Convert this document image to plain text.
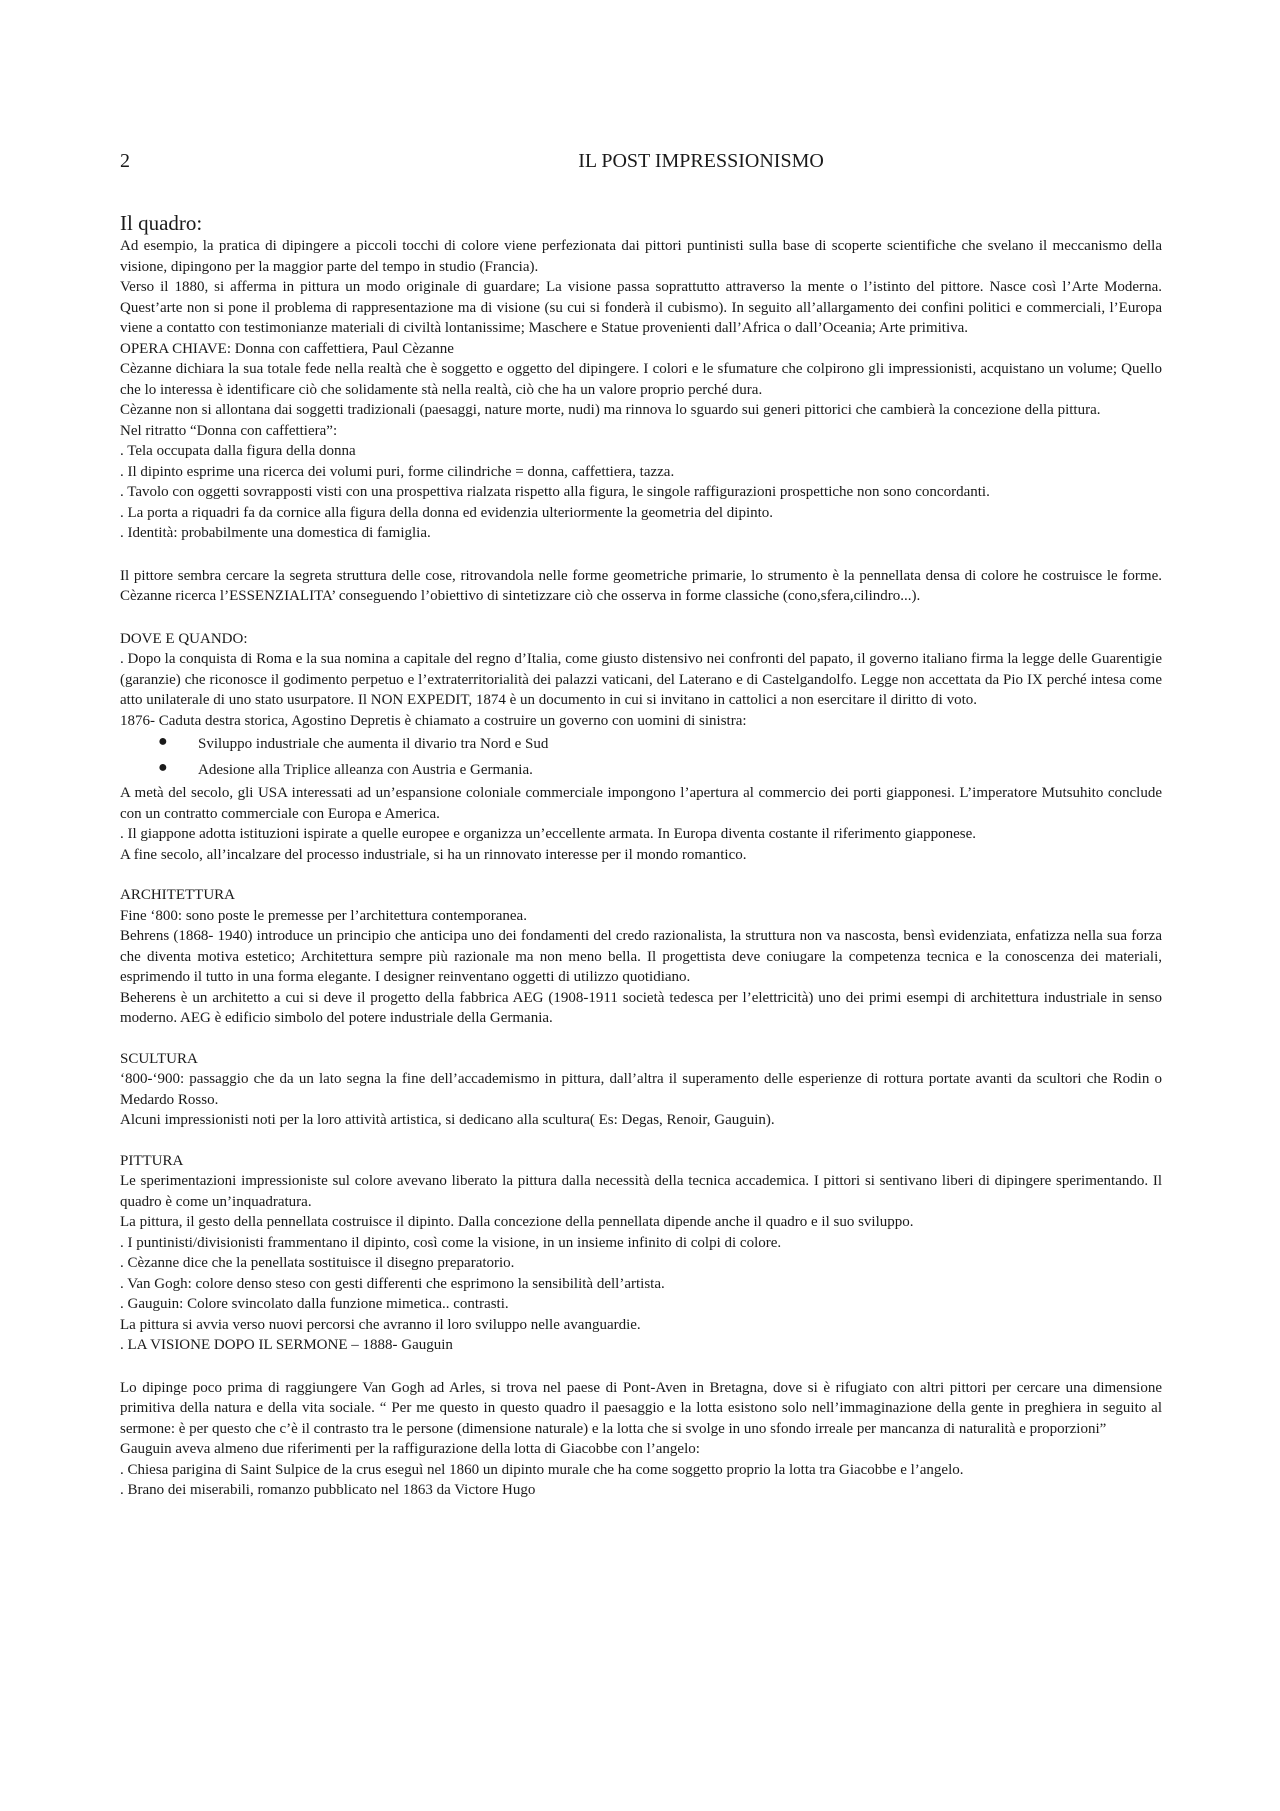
2	IL POST IMPRESSIONISMO
Il quadro:

Ad esempio, la pratica di dipingere a piccoli tocchi di colore viene perfezionata dai pittori puntinisti sulla base di scoperte scientifiche che svelano il meccanismo della visione, dipingono per la maggior parte del tempo in studio (Francia).

Verso il 1880, si afferma in pittura un modo originale di guardare; La visione passa soprattutto attraverso la mente o l’istinto del pittore. Nasce così l’Arte Moderna. Quest’arte non si pone il problema di rappresentazione ma di visione (su cui si fonderà il cubismo). In seguito all’allargamento dei confini politici e commerciali, l’Europa viene a contatto con testimonianze materiali di civiltà lontanissime; Maschere e Statue provenienti dall’Africa o dall’Oceania; Arte primitiva.

OPERA CHIAVE: Donna con caffettiera, Paul Cèzanne

Cèzanne dichiara la sua totale fede nella realtà che è soggetto e oggetto del dipingere. I colori e le sfumature che colpirono gli impressionisti, acquistano un volume; Quello che lo interessa è identificare ciò che solidamente stà nella realtà, ciò che ha un valore proprio perché dura.

Cèzanne non si allontana dai soggetti tradizionali (paesaggi, nature morte, nudi) ma rinnova lo sguardo sui generi pittorici che cambierà la concezione della pittura.

Nel ritratto “Donna con caffettiera”:

. Tela occupata dalla figura della donna

. Il dipinto esprime una ricerca dei volumi puri, forme cilindriche = donna, caffettiera, tazza.

. Tavolo con oggetti sovrapposti visti con una prospettiva rialzata rispetto alla figura, le singole raffigurazioni prospettiche non sono concordanti.

. La porta a riquadri fa da cornice alla figura della donna ed evidenzia ulteriormente la geometria del dipinto.

. Identità: probabilmente una domestica di famiglia.

Il pittore sembra cercare la segreta struttura delle cose, ritrovandola nelle forme geometriche primarie, lo strumento è la pennellata densa di colore he costruisce le forme. Cèzanne ricerca l’ESSENZIALITA’ conseguendo l’obiettivo di sintetizzare ciò che osserva in forme classiche (cono,sfera,cilindro...).

DOVE E QUANDO:

. Dopo la conquista di Roma e la sua nomina a capitale del regno d’Italia, come giusto distensivo nei confronti del papato, il governo italiano firma la legge delle Guarentigie (garanzie) che riconosce il godimento perpetuo e l’extraterritorialità dei palazzi vaticani, del Laterano e di Castelgandolfo. Legge non accettata da Pio IX perché intesa come atto unilaterale di uno stato usurpatore. Il NON EXPEDIT, 1874 è un documento in cui si invitano in cattolici a non esercitare il diritto di voto.

1876- Caduta destra storica, Agostino Depretis è chiamato a costruire un governo con uomini di sinistra:

● Sviluppo industriale che aumenta il divario tra Nord e Sud
● Adesione alla Triplice alleanza con Austria e Germania.

A metà del secolo, gli USA interessati ad un’espansione coloniale commerciale impongono l’apertura al commercio dei porti giapponesi. L’imperatore Mutsuhito conclude con un contratto commerciale con Europa e America.

. Il giappone adotta istituzioni ispirate a quelle europee e organizza un’eccellente armata. In Europa diventa costante il riferimento giapponese.

A fine secolo, all’incalzare del processo industriale, si ha un rinnovato interesse per il mondo romantico.

ARCHITETTURA

Fine ‘800: sono poste le premesse per l’architettura contemporanea.

Behrens (1868- 1940) introduce un principio che anticipa uno dei fondamenti del credo razionalista, la struttura non va nascosta, bensì evidenziata, enfatizza nella sua forza che diventa motiva estetico; Architettura sempre più razionale ma non meno bella. Il progettista deve coniugare la competenza tecnica e la conoscenza dei materiali, esprimendo il tutto in una forma elegante. I designer reinventano oggetti di utilizzo quotidiano.

Beherens è un architetto a cui si deve il progetto della fabbrica AEG (1908-1911 società tedesca per l’elettricità) uno dei primi esempi di architettura industriale in senso moderno. AEG è edificio simbolo del potere industriale della Germania.

SCULTURA

‘800-‘900: passaggio che da un lato segna la fine dell’accademismo in pittura, dall’altra il superamento delle esperienze di rottura portate avanti da scultori che Rodin o Medardo Rosso.

Alcuni impressionisti noti per la loro attività artistica, si dedicano alla scultura( Es: Degas, Renoir, Gauguin).

PITTURA

Le sperimentazioni impressioniste sul colore avevano liberato la pittura dalla necessità della tecnica accademica. I pittori si sentivano liberi di dipingere sperimentando. Il quadro è come un’inquadratura.

La pittura, il gesto della pennellata costruisce il dipinto. Dalla concezione della pennellata dipende anche il quadro e il suo sviluppo.

. I puntinisti/divisionisti frammentano il dipinto, così come la visione, in un insieme infinito di colpi di colore.

. Cèzanne dice che la penellata sostituisce il disegno preparatorio.

. Van Gogh: colore denso steso con gesti differenti che esprimono la sensibilità dell’artista.

. Gauguin: Colore svincolato dalla funzione mimetica.. contrasti.

La pittura si avvia verso nuovi percorsi che avranno il loro sviluppo nelle avanguardie.

. LA VISIONE DOPO IL SERMONE – 1888- Gauguin

Lo dipinge poco prima di raggiungere Van Gogh ad Arles, si trova nel paese di Pont-Aven in Bretagna, dove si è rifugiato con altri pittori per cercare una dimensione primitiva della natura e della vita sociale. “ Per me questo in questo quadro il paesaggio e la lotta esistono solo nell’immaginazione della gente in preghiera in seguito al sermone: è per questo che c’è il contrasto tra le persone (dimensione naturale) e la lotta che si svolge in uno sfondo irreale per mancanza di naturalità e proporzioni”

Gauguin aveva almeno due riferimenti per la raffigurazione della lotta di Giacobbe con l’angelo:

. Chiesa parigina di Saint Sulpice de la crus eseguì nel 1860 un dipinto murale che ha come soggetto proprio la lotta tra Giacobbe e l’angelo.

. Brano dei miserabili, romanzo pubblicato nel 1863 da Victore Hugo
